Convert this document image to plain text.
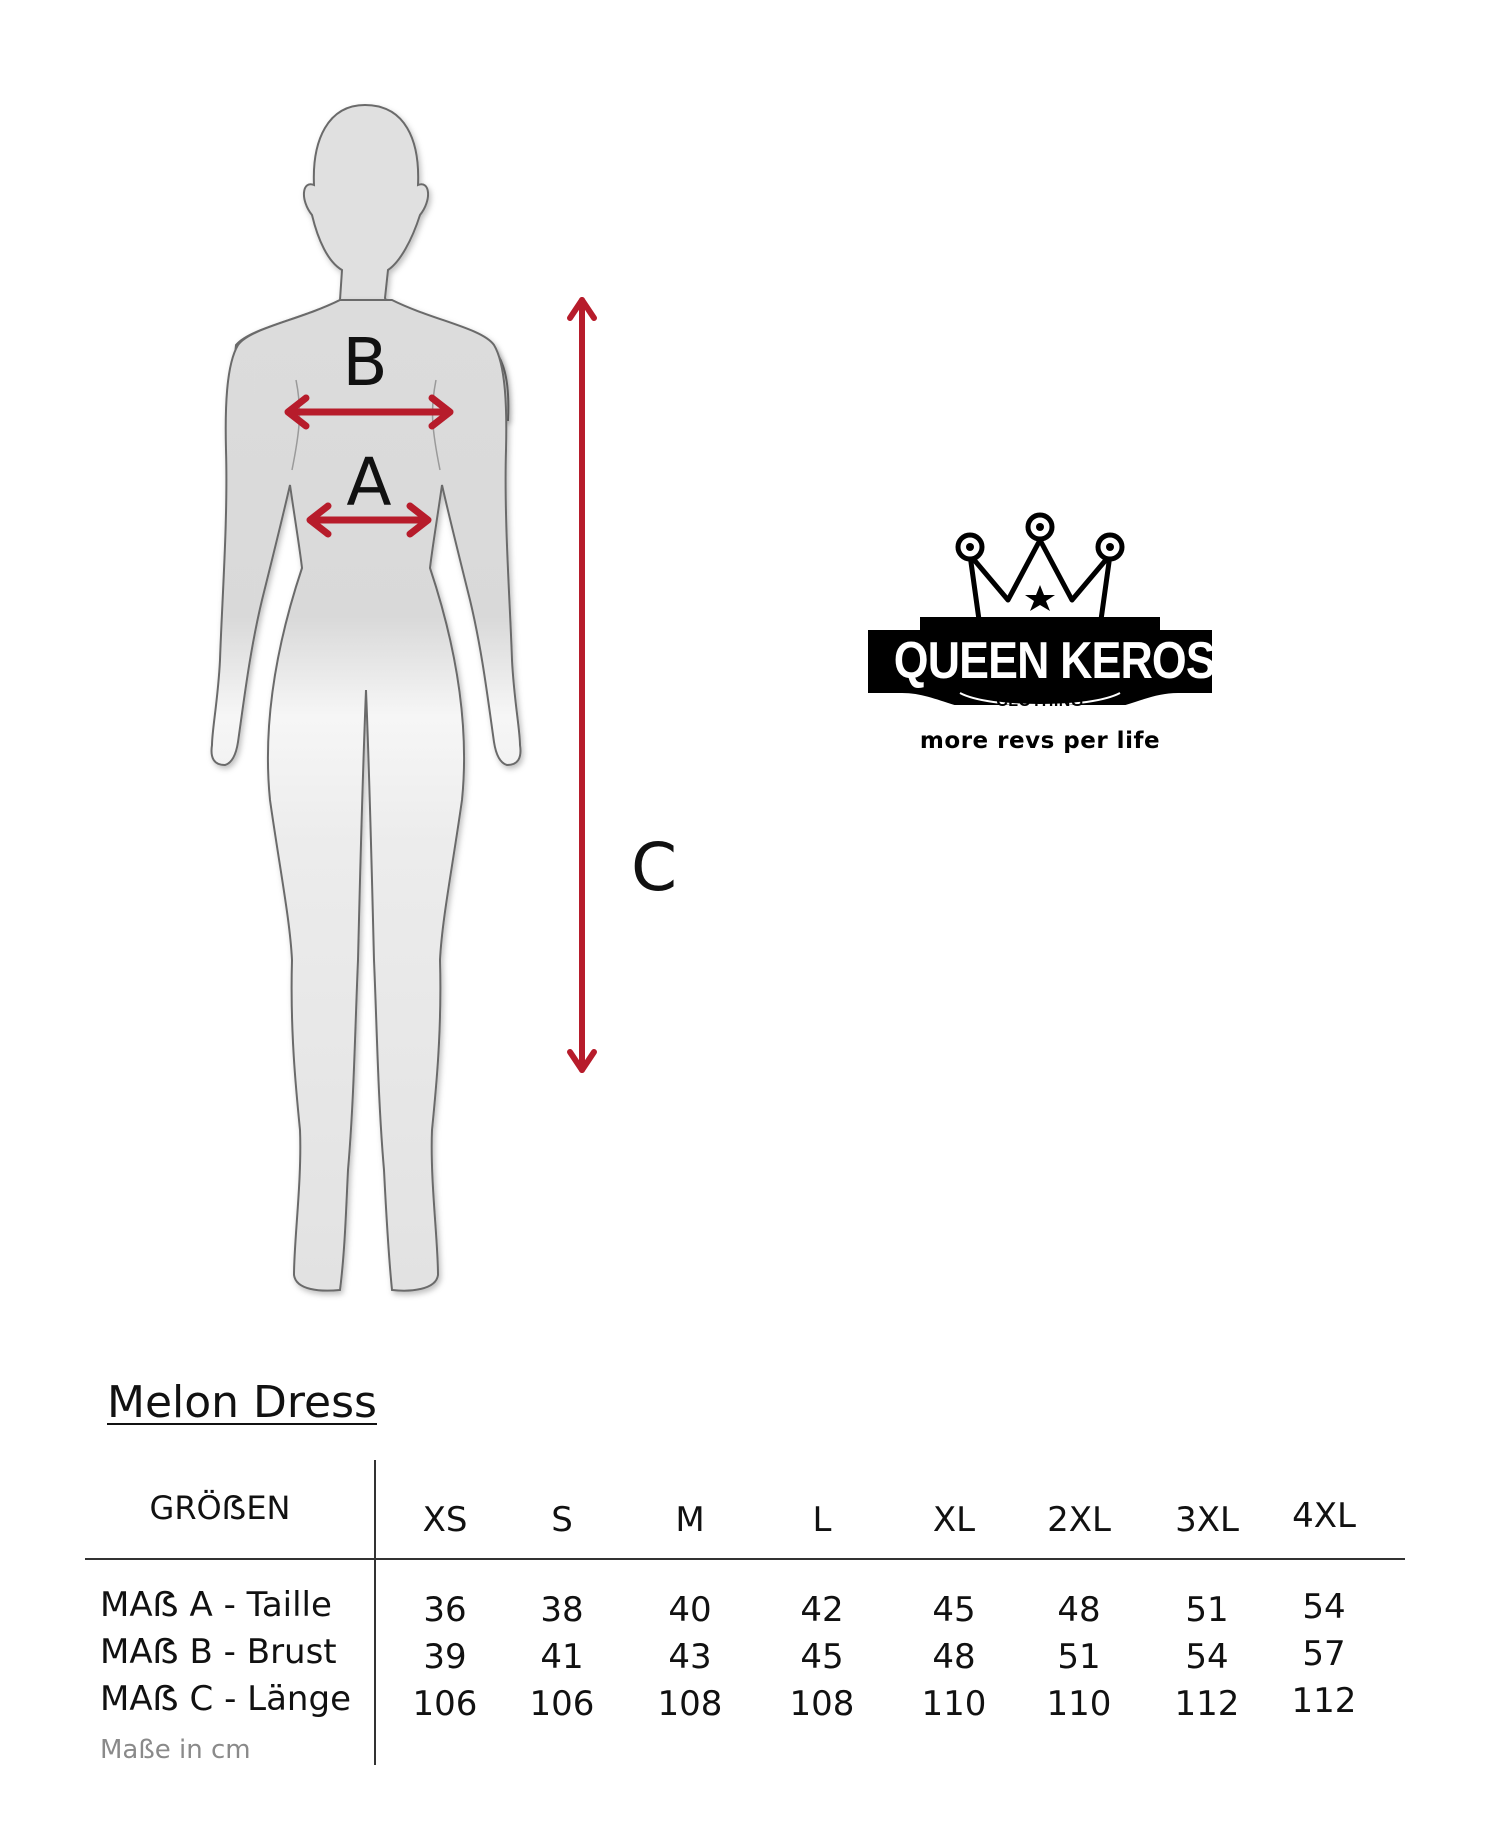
B
A
C
QUEEN KEROSIN
CLOTHING
more revs per life
Melon Dress
GRÖẞEN	XS	S	M	L	XL	2XL	3XL	4XL
MAẞ A - Taille	36	38	40	42	45	48	51	54
MAẞ B - Brust	39	41	43	45	48	51	54	57
MAẞ C - Länge	106	106	108	108	110	110	112	112
Maße in cm
